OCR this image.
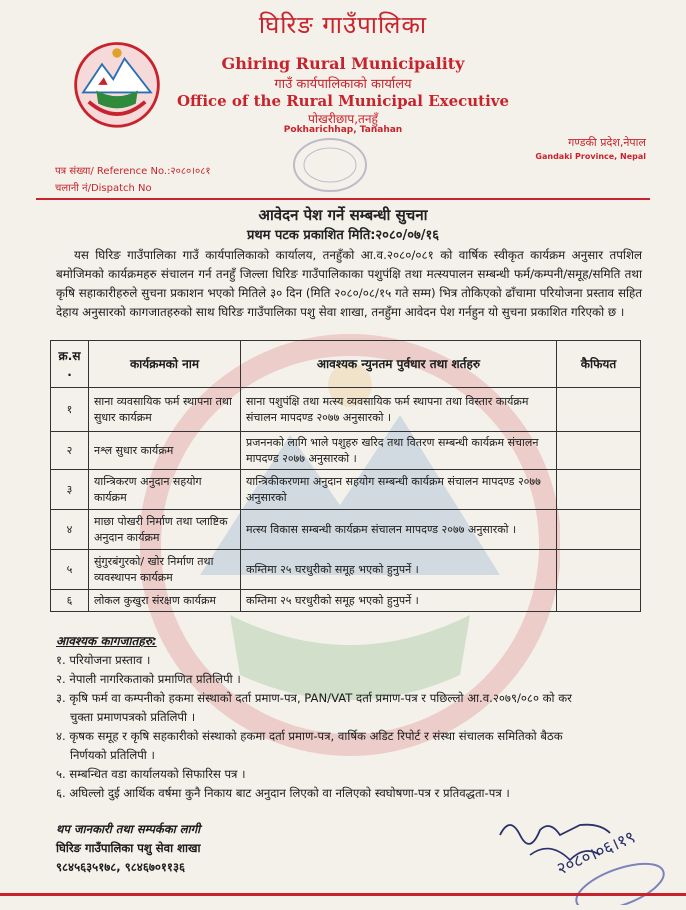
घिरिङ गाउँपालिका
Ghiring Rural Municipality
गाउँ कार्यपालिकाको कार्यालय
Office of the Rural Municipal Executive
पोखरीछाप,तनहुँ
Pokharichhap, Tanahan
गण्डकी प्रदेश,नेपाल
Gandaki Province, Nepal
पत्र संख्या/ Reference No.:२०८०।०८१
चलानी नं/Dispatch No
आवेदन पेश गर्ने सम्बन्धी सुचना
प्रथम पटक प्रकाशित मिति:२०८०/०७/१६
यस घिरिङ गाउँपालिका गाउँ कार्यपालिकाको कार्यालय, तनहुँको आ.व.२०८०/०८१ को वार्षिक स्वीकृत कार्यक्रम अनुसार तपशिल बमोजिमको कार्यक्रमहरु संचालन गर्न तनहुँ जिल्ला घिरिङ गाउँपालिकाका पशुपंक्षि तथा मत्स्यपालन सम्बन्धी फर्म/कम्पनी/समूह/समिति तथा कृषि सहाकारीहरुले सुचना प्रकाशन भएको मितिले ३० दिन (मिति २०८०/०८/१५ गते सम्म) भित्र तोकिएको ढाँचामा परियोजना प्रस्ताव सहित देहाय अनुसारको कागजातहरुको साथ घिरिङ गाउँपालिका पशु सेवा शाखा, तनहुँमा आवेदन पेश गर्नहुन यो सुचना प्रकाशित गरिएको छ ।
क्र.स .	कार्यक्रमको नाम	आवश्यक न्युनतम पुर्वधार तथा शर्तहरु	कैफियत
१	साना व्यवसायिक फर्म स्थापना तथा सुधार कार्यक्रम	साना पशुपंक्षि तथा मत्स्य व्यवसायिक फर्म स्थापना तथा विस्तार कार्यक्रम संचालन मापदण्ड २०७७ अनुसारको ।	
२	नश्ल सुधार कार्यक्रम	प्रजननको लागि भाले पशुहरु खरिद तथा वितरण सम्बन्धी कार्यक्रम संचालन मापदण्ड २०७७ अनुसारको ।	
३	यान्त्रिकरण अनुदान सहयोग कार्यक्रम	यान्त्रिकीकरणमा अनुदान सहयोग सम्बन्धी कार्यक्रम संचालन मापदण्ड २०७७ अनुसारको	
४	माछा पोखरी निर्माण तथा प्लाष्टिक अनुदान कार्यक्रम	मत्स्य विकास सम्बन्धी कार्यक्रम संचालन मापदण्ड २०७७ अनुसारको ।	
५	सुंगुरबंगुरको/ खोर निर्माण तथा व्यवस्थापन कार्यक्रम	कम्तिमा २५ घरधुरीको समूह भएको हुनुपर्ने ।	
६	लोकल कुखुरा संरक्षण कार्यक्रम	कम्तिमा २५ घरधुरीको समूह भएको हुनुपर्ने ।	
आवश्यक कागजातहरु:
१. परियोजना प्रस्ताव ।
२. नेपाली नागरिकताको प्रमाणित प्रतिलिपी ।
३. कृषि फर्म वा कम्पनीको हकमा संस्थाको दर्ता प्रमाण-पत्र, PAN/VAT दर्ता प्रमाण-पत्र र पछिल्लो आ.व.२०७९/०८० को कर
चुक्ता प्रमाणपत्रको प्रतिलिपी ।
४. कृषक समूह र कृषि सहकारीको संस्थाको हकमा दर्ता प्रमाण-पत्र, वार्षिक अडिट रिपोर्ट र संस्था संचालक समितिको बैठक
निर्णयको प्रतिलिपी ।
५. सम्बन्धित वडा कार्यालयको सिफारिस पत्र ।
६. अघिल्लो दुई आर्थिक वर्षमा कुनै निकाय बाट अनुदान लिएको वा नलिएको स्वघोषणा-पत्र र प्रतिवद्धता-पत्र ।
थप जानकारी तथा सम्पर्कका लागी
घिरिङ गाउँपालिका पशु सेवा शाखा
९८४५६३५१७८, ९८४६७०११३६	२०८०।०६।१९
